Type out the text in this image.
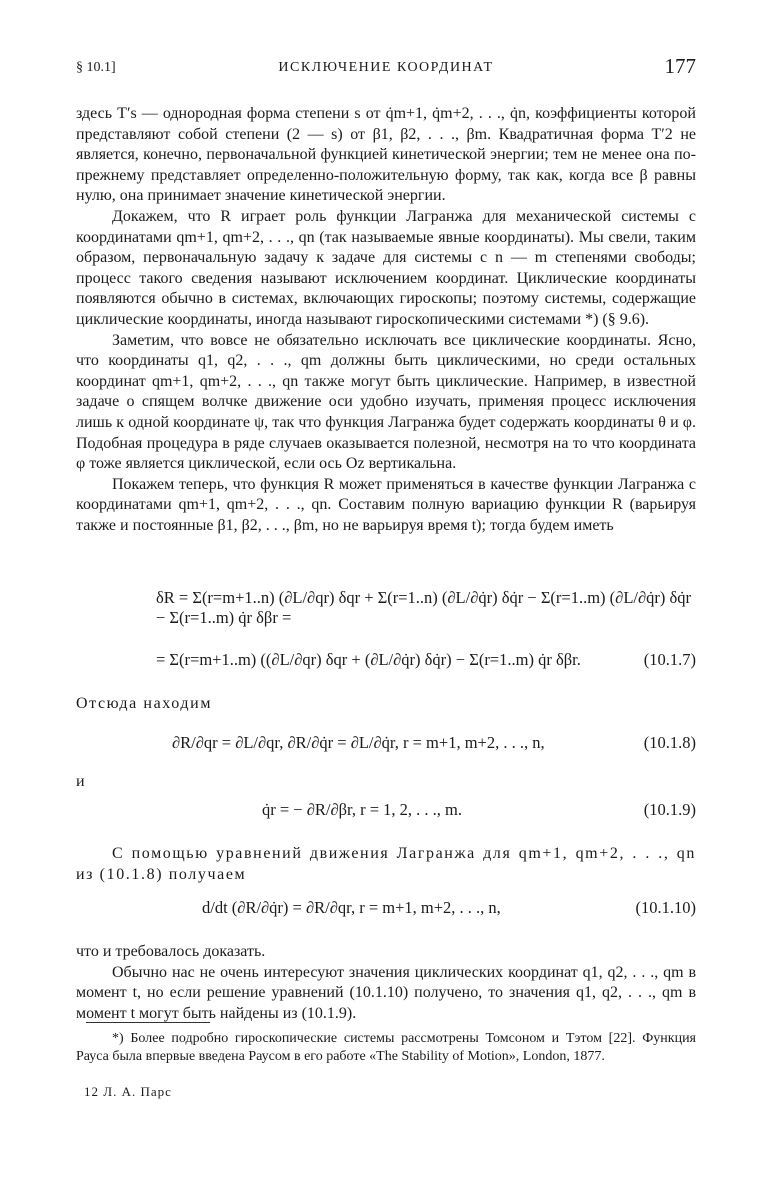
§ 10.1]	ИСКЛЮЧЕНИЕ КООРДИНАТ	177

здесь T′s — однородная форма степени s от q̇m+1, q̇m+2, . . ., q̇n, коэффициенты которой представляют собой степени (2 — s) от β1, β2, . . ., βm. Квадратичная форма T′2 не является, конечно, первоначальной функцией кинетической энергии; тем не менее она по-прежнему представляет определенно-положительную форму, так как, когда все β равны нулю, она принимает значение кинетической энергии.

Докажем, что R играет роль функции Лагранжа для механической системы с координатами qm+1, qm+2, . . ., qn (так называемые явные координаты). Мы свели, таким образом, первоначальную задачу к задаче для системы с n — m степенями свободы; процесс такого сведения называют исключением координат. Циклические координаты появляются обычно в системах, включающих гироскопы; поэтому системы, содержащие циклические координаты, иногда называют гироскопическими системами *) (§ 9.6).

Заметим, что вовсе не обязательно исключать все циклические координаты. Ясно, что координаты q1, q2, . . ., qm должны быть циклическими, но среди остальных координат qm+1, qm+2, . . ., qn также могут быть циклические. Например, в известной задаче о спящем волчке движение оси удобно изучать, применяя процесс исключения лишь к одной координате ψ, так что функция Лагранжа будет содержать координаты θ и φ. Подобная процедура в ряде случаев оказывается полезной, несмотря на то что координата φ тоже является циклической, если ось Oz вертикальна.

Покажем теперь, что функция R может применяться в качестве функции Лагранжа с координатами qm+1, qm+2, . . ., qn. Составим полную вариацию функции R (варьируя также и постоянные β1, β2, . . ., βm, но не варьируя время t); тогда будем иметь

δR = Σ(r=m+1..n) (∂L/∂qr) δqr + Σ(r=1..n) (∂L/∂q̇r) δq̇r − Σ(r=1..m) (∂L/∂q̇r) δq̇r − Σ(r=1..m) q̇r δβr =
= Σ(r=m+1..m) ((∂L/∂qr) δqr + (∂L/∂q̇r) δq̇r) − Σ(r=1..m) q̇r δβr.	(10.1.7)

Отсюда находим

∂R/∂qr = ∂L/∂qr, ∂R/∂q̇r = ∂L/∂q̇r, r = m+1, m+2, . . ., n,	(10.1.8)

и

q̇r = − ∂R/∂βr, r = 1, 2, . . ., m.	(10.1.9)

С помощью уравнений движения Лагранжа для qm+1, qm+2, . . ., qn из (10.1.8) получаем

d/dt (∂R/∂q̇r) = ∂R/∂qr, r = m+1, m+2, . . ., n,	(10.1.10)

что и требовалось доказать.

Обычно нас не очень интересуют значения циклических координат q1, q2, . . ., qm в момент t, но если решение уравнений (10.1.10) получено, то значения q1, q2, . . ., qm в момент t могут быть найдены из (10.1.9).

*) Более подробно гироскопические системы рассмотрены Томсоном и Тэтом [22]. Функция Рауса была впервые введена Раусом в его работе «The Stability of Motion», London, 1877.

12 Л. А. Парс
